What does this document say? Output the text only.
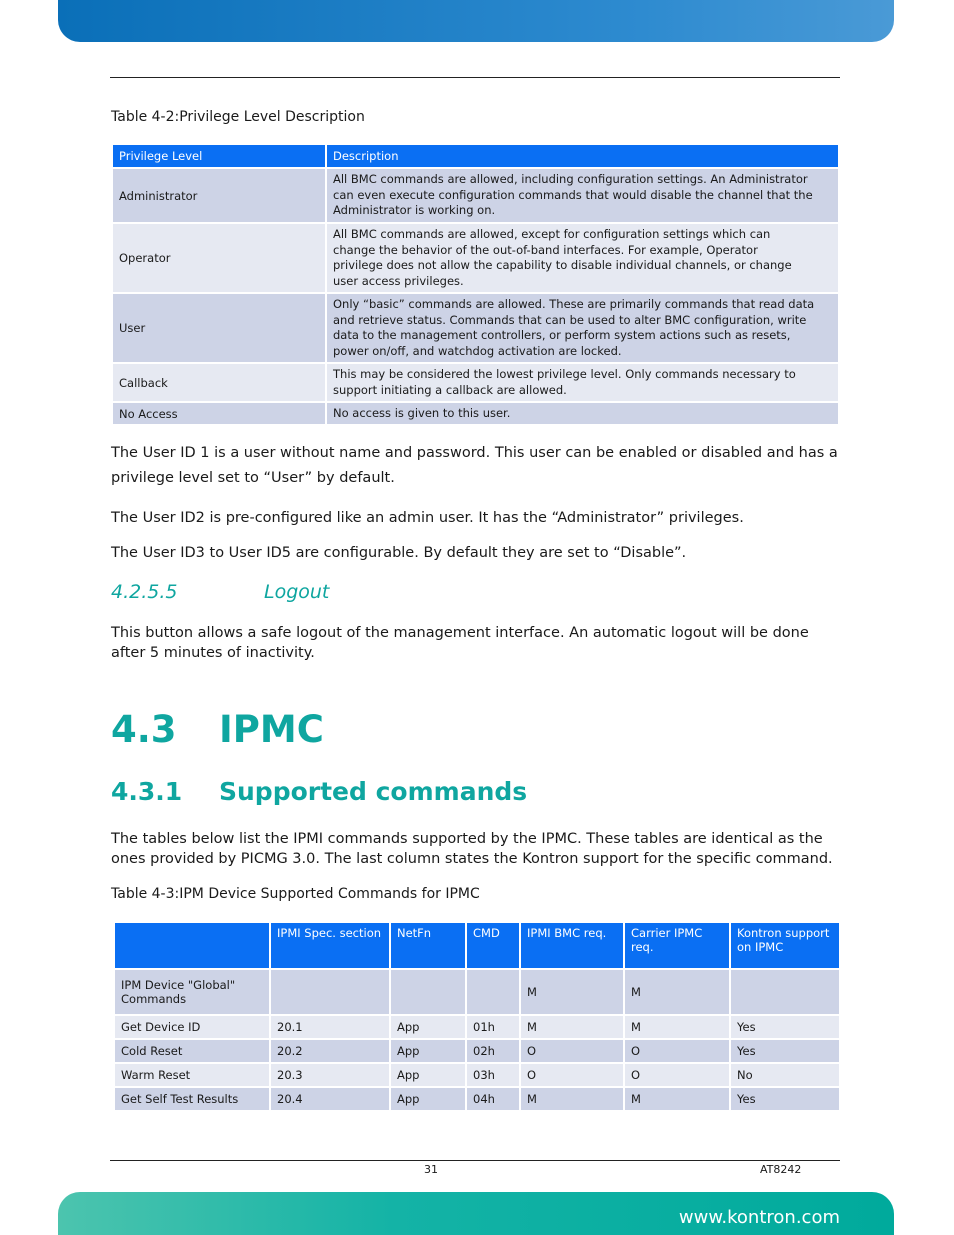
Table 4-2:Privilege Level Description
Privilege Level	Description
Administrator	All BMC commands are allowed, including configuration settings. An Administrator
can even execute configuration commands that would disable the channel that the
Administrator is working on.

Operator	All BMC commands are allowed, except for configuration settings which can
change the behavior of the out-of-band interfaces. For example, Operator
privilege does not allow the capability to disable individual channels, or change
user access privileges.

User	Only “basic” commands are allowed. These are primarily commands that read data
and retrieve status. Commands that can be used to alter BMC configuration, write
data to the management controllers, or perform system actions such as resets,
power on/off, and watchdog activation are locked.

Callback	This may be considered the lowest privilege level. Only commands necessary to
support initiating a callback are allowed.

No Access	No access is given to this user.
The User ID 1 is a user without name and password. This user can be enabled or disabled and has a privilege level set to “User” by default.
The User ID2 is pre-configured like an admin user. It has the “Administrator” privileges.
The User ID3 to User ID5 are configurable. By default they are set to “Disable”.
4.2.5.5	Logout
This button allows a safe logout of the management interface. An automatic logout will be done after 5 minutes of inactivity.
4.3 IPMC
4.3.1 Supported commands
The tables below list the IPMI commands supported by the IPMC. These tables are identical as the ones provided by PICMG 3.0. The last column states the Kontron support for the specific command.
Table 4-3:IPM Device Supported Commands for IPMC
	IPMI Spec. section	NetFn	CMD	IPMI BMC req.	Carrier IPMC req.	Kontron support on IPMC
IPM Device "Global" Commands				M	M	
Get Device ID	20.1	App	01h	M	M	Yes
Cold Reset	20.2	App	02h	O	O	Yes
Warm Reset	20.3	App	03h	O	O	No
Get Self Test Results	20.4	App	04h	M	M	Yes
31	AT8242
www.kontron.com
